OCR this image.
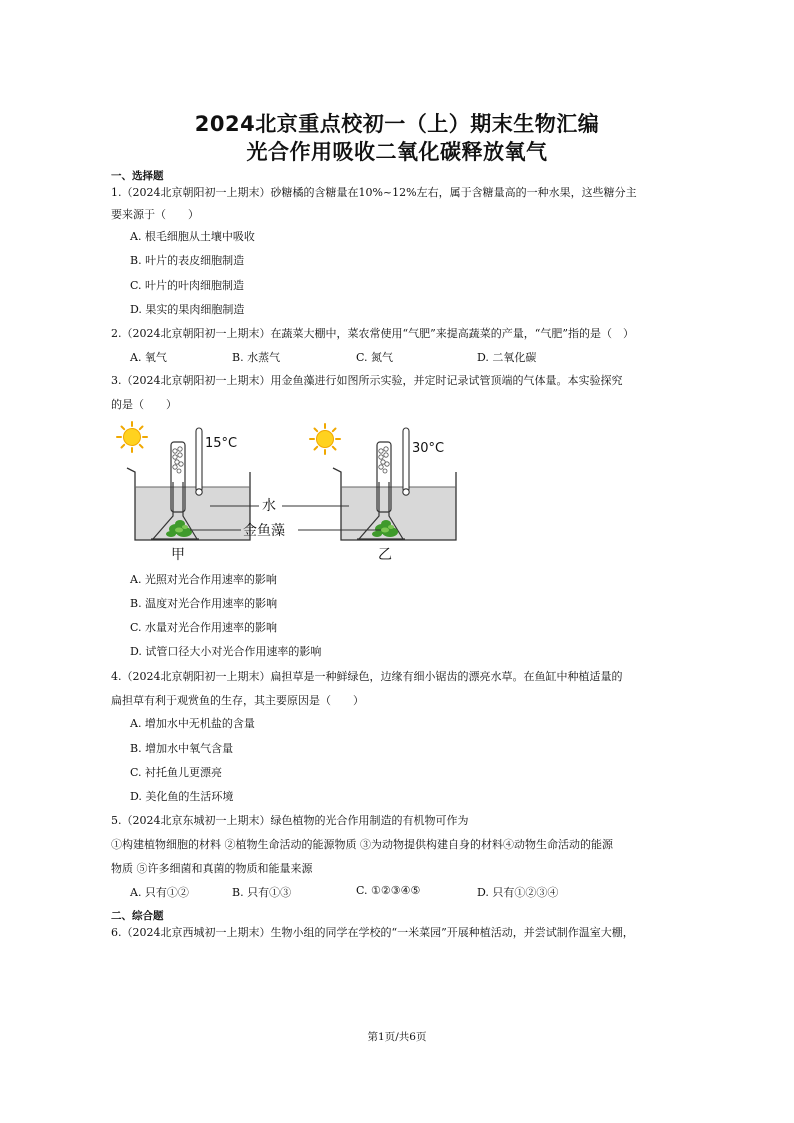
2024北京重点校初一（上）期末生物汇编
光合作用吸收二氧化碳释放氧气
一、选择题
1.（2024北京朝阳初一上期末）砂糖橘的含糖量在10%~12%左右，属于含糖量高的一种水果，这些糖分主
要来源于（　　）
A. 根毛细胞从土壤中吸收
B. 叶片的表皮细胞制造
C. 叶片的叶肉细胞制造
D. 果实的果肉细胞制造
2.（2024北京朝阳初一上期末）在蔬菜大棚中，菜农常使用“气肥”来提高蔬菜的产量，“气肥”指的是（　）
A. 氧气	B. 水蒸气	C. 氮气	D. 二氧化碳
3.（2024北京朝阳初一上期末）用金鱼藻进行如图所示实验，并定时记录试管顶端的气体量。本实验探究
的是（　　）
15°C	30°C
水
金鱼藻
甲	乙
A. 光照对光合作用速率的影响
B. 温度对光合作用速率的影响
C. 水量对光合作用速率的影响
D. 试管口径大小对光合作用速率的影响
4.（2024北京朝阳初一上期末）扁担草是一种鲜绿色，边缘有细小锯齿的漂亮水草。在鱼缸中种植适量的
扁担草有利于观赏鱼的生存，其主要原因是（　　）
A. 增加水中无机盐的含量
B. 增加水中氧气含量
C. 衬托鱼儿更漂亮
D. 美化鱼的生活环境
5.（2024北京东城初一上期末）绿色植物的光合作用制造的有机物可作为
①构建植物细胞的材料 ②植物生命活动的能源物质 ③为动物提供构建自身的材料④动物生命活动的能源
物质 ⑤许多细菌和真菌的物质和能量来源
A. 只有①②	B. 只有①③	C. ①②③④⑤	D. 只有①②③④
二、综合题
6.（2024北京西城初一上期末）生物小组的同学在学校的“一米菜园”开展种植活动，并尝试制作温室大棚，
第1页/共6页
